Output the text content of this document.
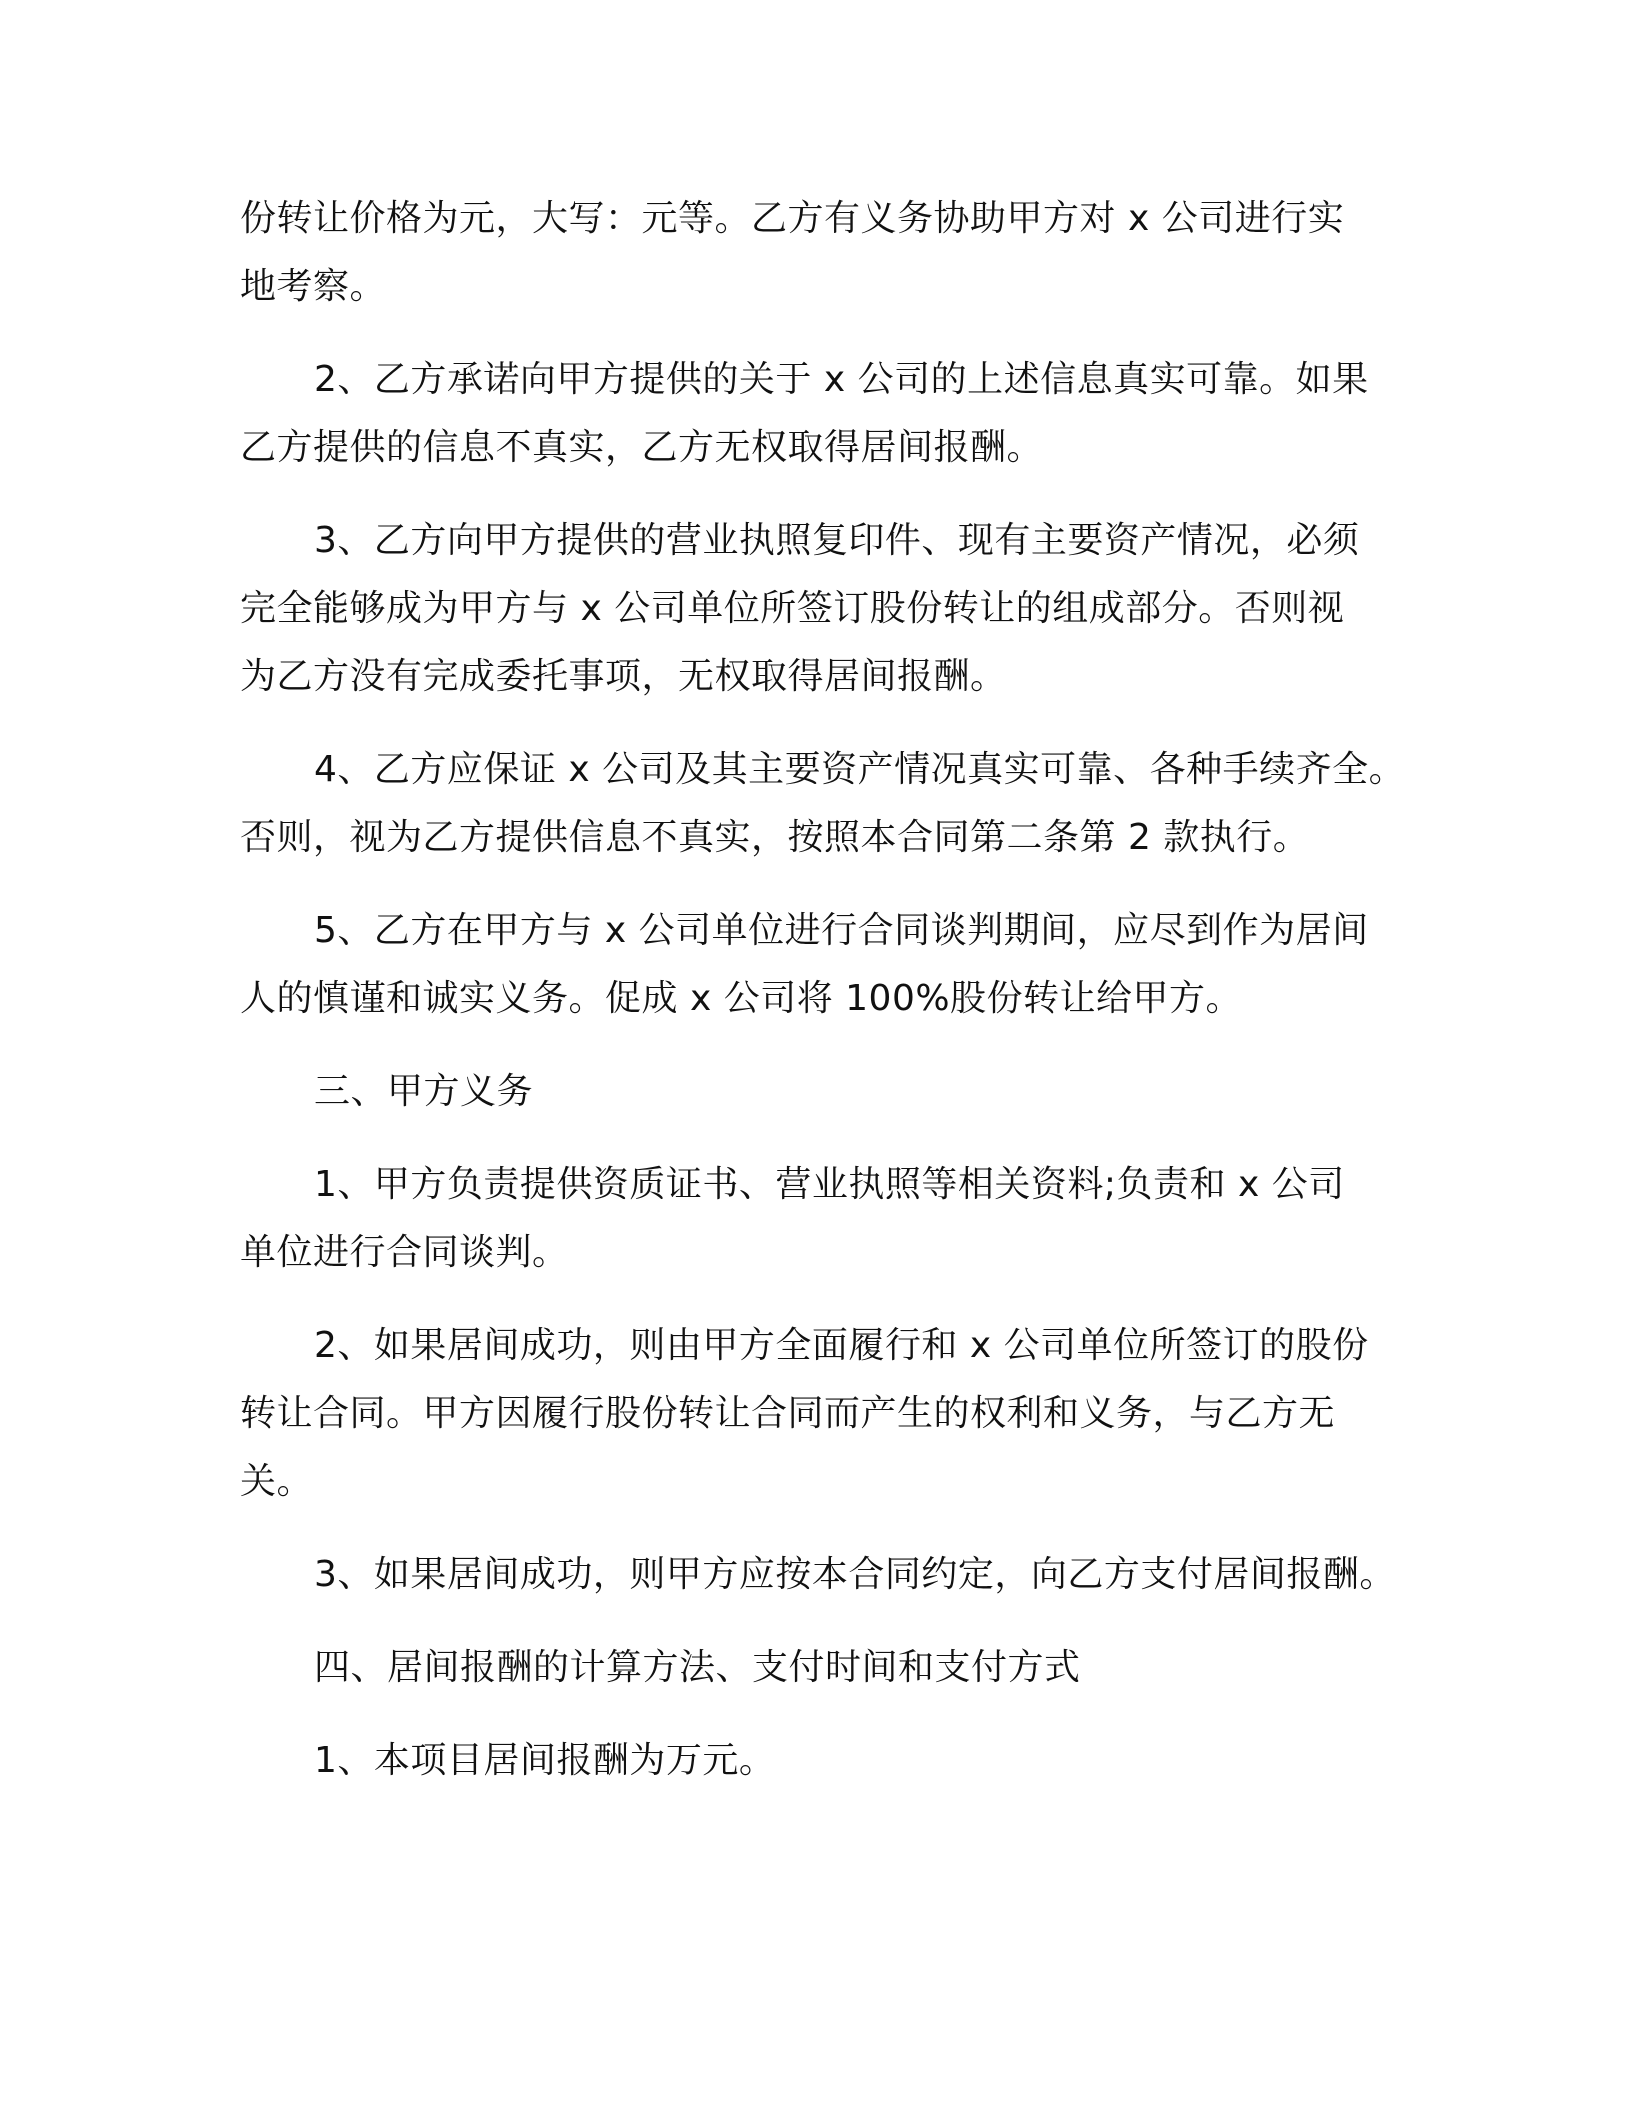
份转让价格为元，大写：元等。乙方有义务协助甲方对 x 公司进行实
地考察。

2、乙方承诺向甲方提供的关于 x 公司的上述信息真实可靠。如果
乙方提供的信息不真实，乙方无权取得居间报酬。

3、乙方向甲方提供的营业执照复印件、现有主要资产情况，必须
完全能够成为甲方与 x 公司单位所签订股份转让的组成部分。否则视
为乙方没有完成委托事项，无权取得居间报酬。

4、乙方应保证 x 公司及其主要资产情况真实可靠、各种手续齐全。
否则，视为乙方提供信息不真实，按照本合同第二条第 2 款执行。

5、乙方在甲方与 x 公司单位进行合同谈判期间，应尽到作为居间
人的慎谨和诚实义务。促成 x 公司将 100%股份转让给甲方。

三、甲方义务

1、甲方负责提供资质证书、营业执照等相关资料;负责和 x 公司
单位进行合同谈判。

2、如果居间成功，则由甲方全面履行和 x 公司单位所签订的股份
转让合同。甲方因履行股份转让合同而产生的权利和义务，与乙方无
关。

3、如果居间成功，则甲方应按本合同约定，向乙方支付居间报酬。

四、居间报酬的计算方法、支付时间和支付方式

1、本项目居间报酬为万元。
